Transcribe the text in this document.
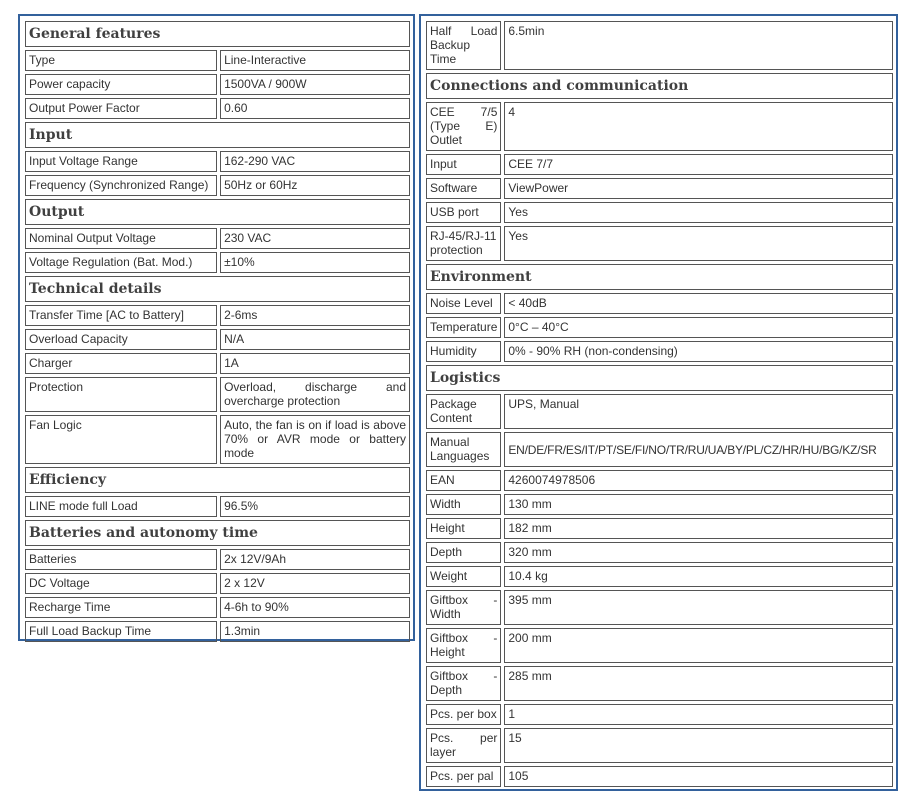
General features	
Type	Line-Interactive
Power capacity	1500VA / 900W
Output Power Factor	0.60
Input	
Input Voltage Range	162-290 VAC
Frequency (Synchronized Range)	50Hz or 60Hz
Output	
Nominal Output Voltage	230 VAC
Voltage Regulation (Bat. Mod.)	±10%
Technical details	
Transfer Time [AC to Battery]	2-6ms
Overload Capacity	N/A
Charger	1A
Protection	Overload, discharge and overcharge protection
Fan Logic	Auto, the fan is on if load is above 70% or AVR mode or battery mode
Efficiency	
LINE mode full Load	96.5%
Batteries and autonomy time	
Batteries	2x 12V/9Ah
DC Voltage	2 x 12V
Recharge Time	4-6h to 90%
Full Load Backup Time	1.3min
Half Load Backup Time	6.5min
Connections and communication	
CEE 7/5 (Type E) Outlet	4
Input	CEE 7/7
Software	ViewPower
USB port	Yes
RJ-45/RJ-11 protection	Yes
Environment	
Noise Level	< 40dB
Temperature	0°C – 40°C
Humidity	0% - 90% RH (non-condensing)
Logistics	
Package Content	UPS, Manual
Manual Languages	EN/DE/FR/ES/IT/PT/SE/FI/NO/TR/RU/UA/BY/PL/CZ/HR/HU/BG/KZ/SR
EAN	4260074978506
Width	130 mm
Height	182 mm
Depth	320 mm
Weight	10.4 kg
Giftbox - Width	395 mm
Giftbox - Height	200 mm
Giftbox - Depth	285 mm
Pcs. per box	1
Pcs. per layer	15
Pcs. per pal	105
